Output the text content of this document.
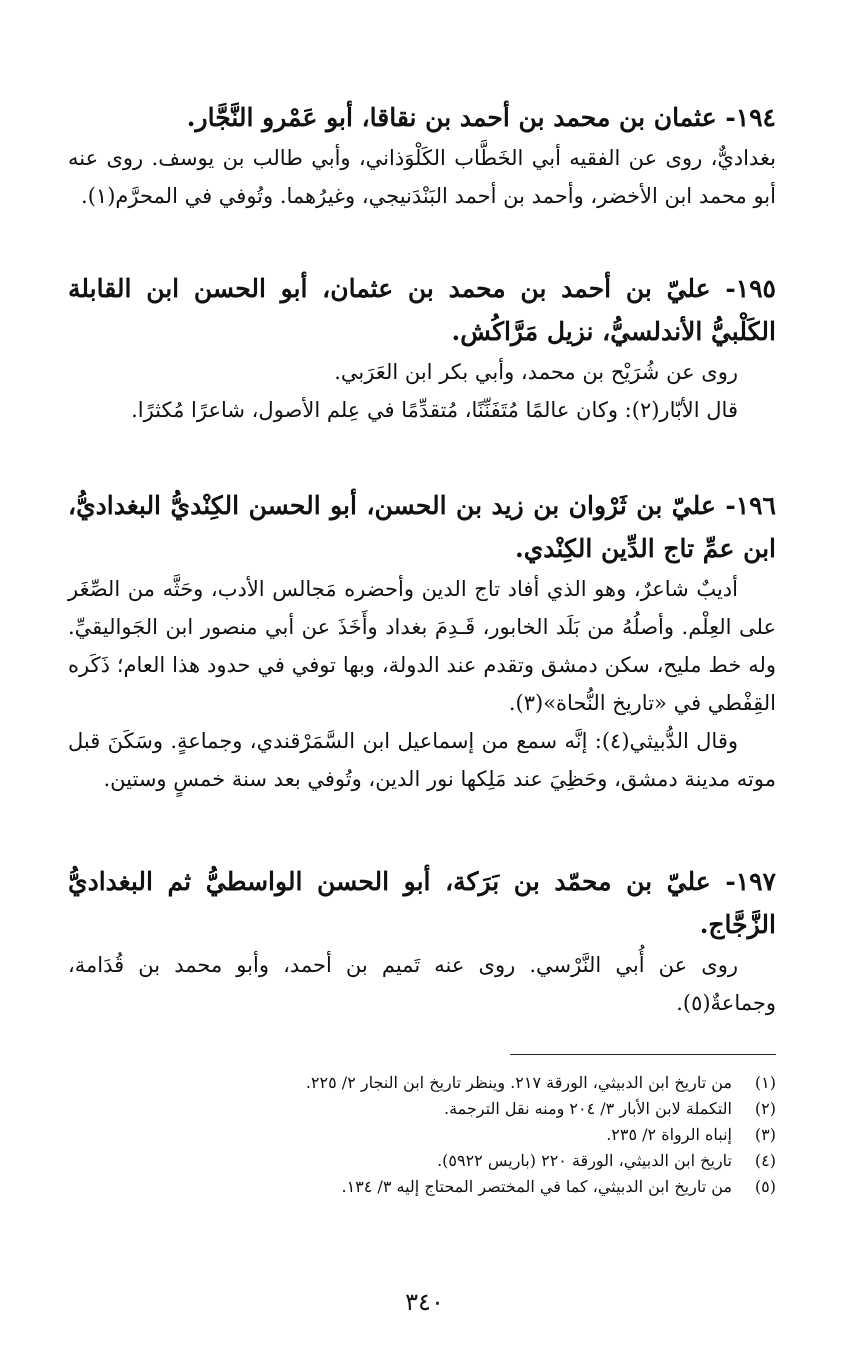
١٩٤- عثمان بن محمد بن أحمد بن نقاقا، أبو عَمْرو النَّجَّار.

بغداديٌّ، روى عن الفقيه أبي الخَطَّاب الكَلْوَذاني، وأبي طالب بن يوسف. روى عنه أبو محمد ابن الأخضر، وأحمد بن أحمد البَنْدَنيجي، وغيرُهما. وتُوفي في المحرَّم(١).

١٩٥- عليّ بن أحمد بن محمد بن عثمان، أبو الحسن ابن القابلة الكَلْبيُّ الأندلسيُّ، نزيل مَرَّاكُش.

روى عن شُرَيْح بن محمد، وأبي بكر ابن العَرَبي.

قال الأبّار(٢): وكان عالمًا مُتَفَنِّنًا، مُتقدِّمًا في عِلم الأصول، شاعرًا مُكثرًا.

١٩٦- عليّ بن ثَرْوان بن زيد بن الحسن، أبو الحسن الكِنْديُّ البغداديُّ، ابن عمِّ تاج الدِّين الكِنْدي.

أديبٌ شاعرٌ، وهو الذي أفاد تاج الدين وأحضره مَجالس الأدب، وحَثَّه من الصِّغَر على العِلْم. وأصلُهُ من بَلَد الخابور، قَـدِمَ بغداد وأَخَذَ عن أبي منصور ابن الجَواليقيِّ. وله خط مليح، سكن دمشق وتقدم عند الدولة، وبها توفي في حدود هذا العام؛ ذَكَره القِفْطي في «تاريخ النُّحاة»(٣).

وقال الدُّبيثي(٤): إنَّه سمع من إسماعيل ابن السَّمَرْقندي، وجماعةٍ. وسَكَنَ قبل موته مدينة دمشق، وحَظِيَ عند مَلِكها نور الدين، وتُوفي بعد سنة خمسٍ وستين.

١٩٧- عليّ بن محمّد بن بَرَكة، أبو الحسن الواسطيُّ ثم البغداديُّ الزَّجَّاج.

روى عن أُبي النَّرْسي. روى عنه تَميم بن أحمد، وأبو محمد بن قُدَامة، وجماعةٌ(٥).

(١)
من تاريخ ابن الدبيثي، الورقة ٢١٧. وينظر تاريخ ابن النجار ٢/ ٢٢٥.

(٢)
التكملة لابن الأبار ٣/ ٢٠٤ ومنه نقل الترجمة.

(٣)
إنباه الرواة ٢/ ٢٣٥.

(٤)
تاريخ ابن الدبيثي، الورقة ٢٢٠ (باريس ٥٩٢٢).

(٥)
من تاريخ ابن الدبيثي، كما في المختصر المحتاج إليه ٣/ ١٣٤.

٣٤٠
